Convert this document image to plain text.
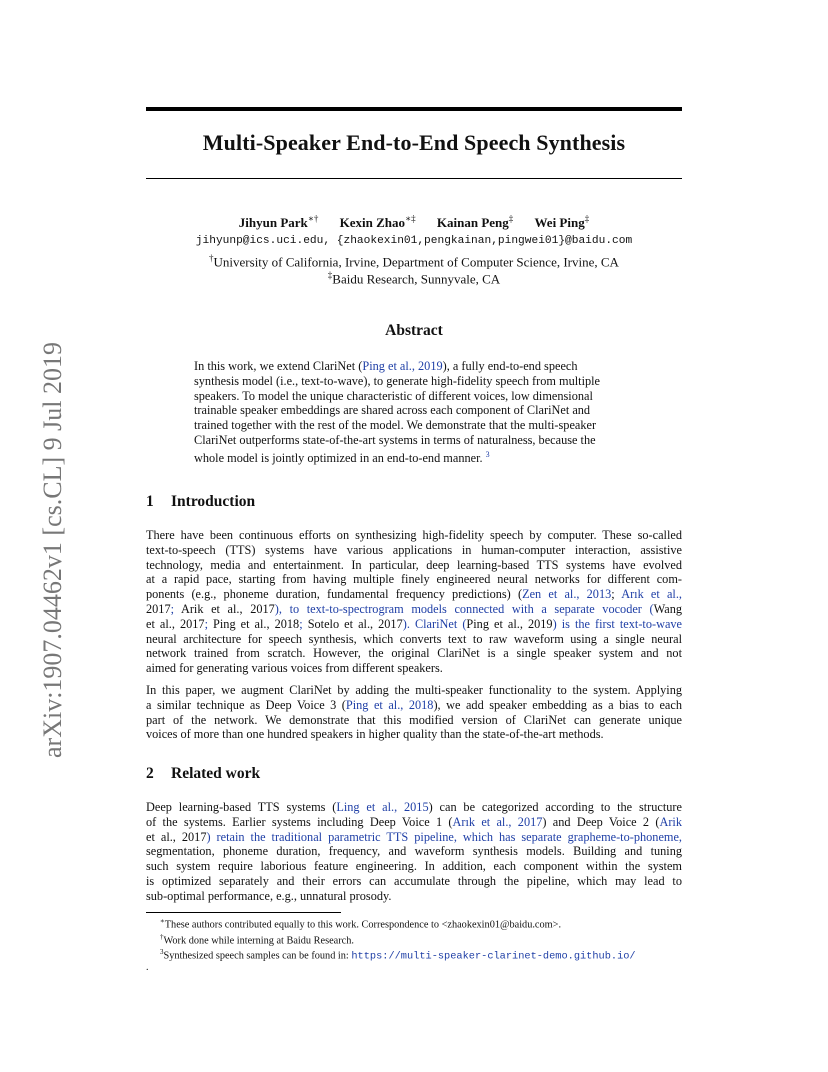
arXiv:1907.04462v1 [cs.CL] 9 Jul 2019
Multi-Speaker End-to-End Speech Synthesis
Jihyun Park∗† Kexin Zhao∗‡ Kainan Peng‡ Wei Ping‡
jihyunp@ics.uci.edu, {zhaokexin01,pengkainan,pingwei01}@baidu.com
†University of California, Irvine, Department of Computer Science, Irvine, CA
‡Baidu Research, Sunnyvale, CA
Abstract
In this work, we extend ClariNet (Ping et al., 2019), a fully end-to-end speech
synthesis model (i.e., text-to-wave), to generate high-fidelity speech from multiple
speakers. To model the unique characteristic of different voices, low dimensional
trainable speaker embeddings are shared across each component of ClariNet and
trained together with the rest of the model. We demonstrate that the multi-speaker
ClariNet outperforms state-of-the-art systems in terms of naturalness, because the
whole model is jointly optimized in an end-to-end manner. $^3$
1 Introduction
There have been continuous efforts on synthesizing high-fidelity speech by computer. These so-called
text-to-speech (TTS) systems have various applications in human-computer interaction, assistive
technology, media and entertainment. In particular, deep learning-based TTS systems have evolved
at a rapid pace, starting from having multiple finely engineered neural networks for different com-
ponents (e.g., phoneme duration, fundamental frequency predictions) (Zen et al., 2013; Arık et al.,
2017; Arik et al., 2017), to text-to-spectrogram models connected with a separate vocoder (Wang
et al., 2017; Ping et al., 2018; Sotelo et al., 2017). ClariNet (Ping et al., 2019) is the first text-to-wave
neural architecture for speech synthesis, which converts text to raw waveform using a single neural
network trained from scratch. However, the original ClariNet is a single speaker system and not
aimed for generating various voices from different speakers.
In this paper, we augment ClariNet by adding the multi-speaker functionality to the system. Applying
a similar technique as Deep Voice 3 (Ping et al., 2018), we add speaker embedding as a bias to each
part of the network. We demonstrate that this modified version of ClariNet can generate unique
voices of more than one hundred speakers in higher quality than the state-of-the-art methods.
2 Related work
Deep learning-based TTS systems (Ling et al., 2015) can be categorized according to the structure
of the systems. Earlier systems including Deep Voice 1 (Arık et al., 2017) and Deep Voice 2 (Arik
et al., 2017) retain the traditional parametric TTS pipeline, which has separate grapheme-to-phoneme,
segmentation, phoneme duration, frequency, and waveform synthesis models. Building and tuning
such system require laborious feature engineering. In addition, each component within the system
is optimized separately and their errors can accumulate through the pipeline, which may lead to
sub-optimal performance, e.g., unnatural prosody.
∗These authors contributed equally to this work. Correspondence to <zhaokexin01@baidu.com>.
†Work done while interning at Baidu Research.
$^3$Synthesized speech samples can be found in: https://multi-speaker-clarinet-demo.github.io/
.
